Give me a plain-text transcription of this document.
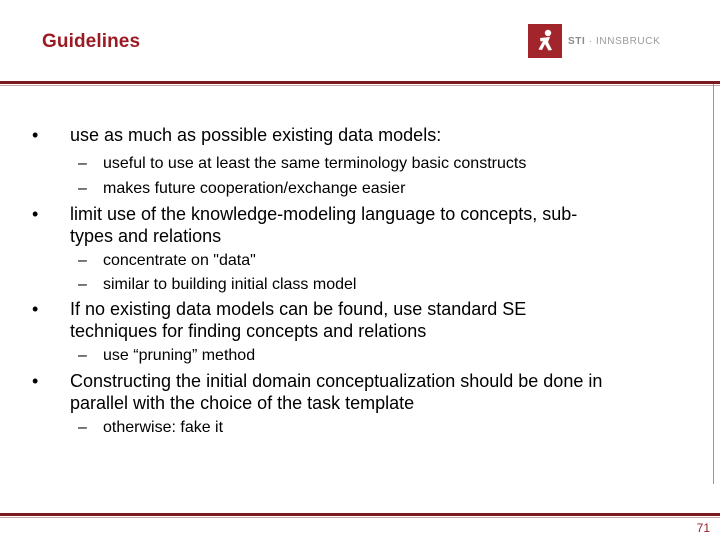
Guidelines	STI · INNSBRUCK
• use as much as possible existing data models:
– useful to use at least the same terminology basic constructs
– makes future cooperation/exchange easier
• limit use of the knowledge-modeling language to concepts, sub-
types and relations
– concentrate on "data"
– similar to building initial class model
• If no existing data models can be found, use standard SE
techniques for finding concepts and relations
– use “pruning” method
• Constructing the initial domain conceptualization should be done in
parallel with the choice of the task template
– otherwise: fake it
71
